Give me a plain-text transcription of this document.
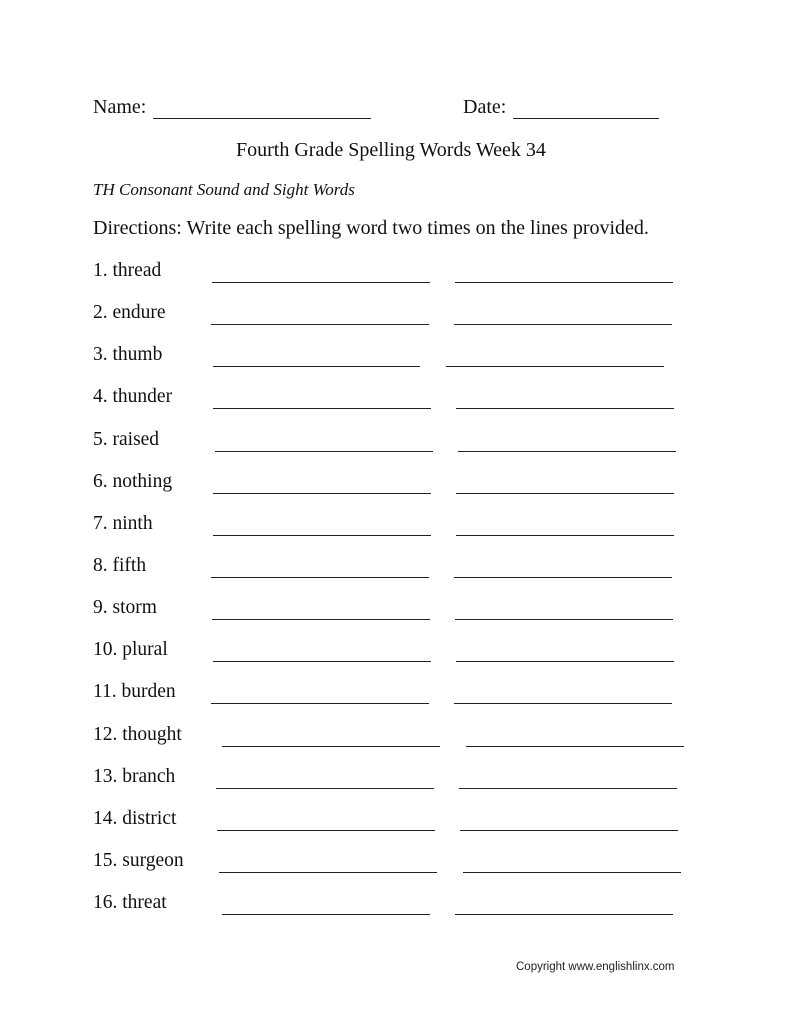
Name:	Date:
Fourth Grade Spelling Words Week 34
TH Consonant Sound and Sight Words
Directions: Write each spelling word two times on the lines provided.
1. thread
2. endure
3. thumb
4. thunder
5. raised
6. nothing
7. ninth
8. fifth
9. storm
10. plural
11. burden
12. thought
13. branch
14. district
15. surgeon
16. threat
Copyright www.englishlinx.com
